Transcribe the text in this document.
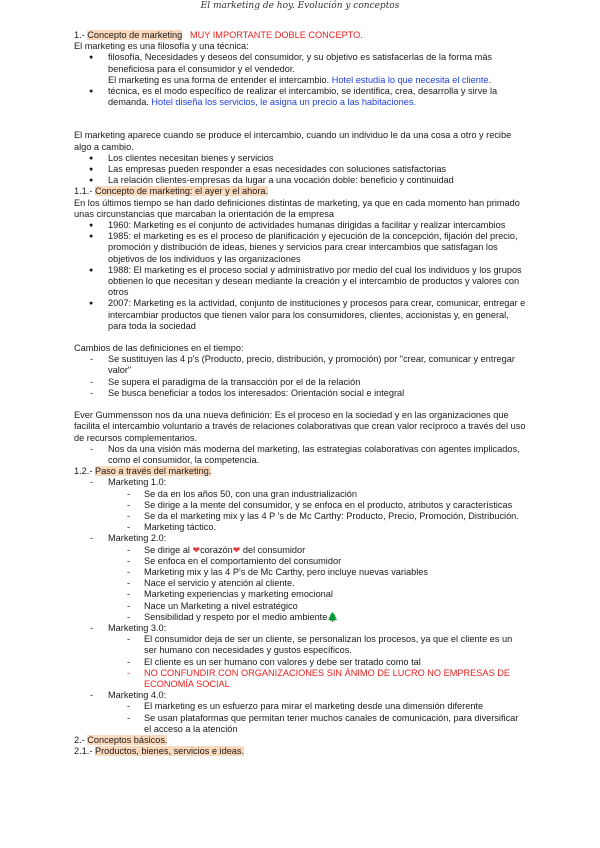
El marketing de hoy. Evolución y conceptos

1.- Concepto de marketing MUY IMPORTANTE DOBLE CONCEPTO.

El marketing es una filosofía y una técnica:

● filosofía, Necesidades y deseos del consumidor, y su objetivo es satisfacerlas de la forma más beneficiosa para el consumidor y el vendedor.
El marketing es una forma de entender el intercambio. Hotel estudia lo que necesita el cliente.
● técnica, es el modo específico de realizar el intercambio, se identifica, crea, desarrolla y sirve la demanda. Hotel diseña los servicios, le asigna un precio a las habitaciones.

El marketing aparece cuando se produce el intercambio, cuando un individuo le da una cosa a otro y recibe algo a cambio.

● Los clientes necesitan bienes y servicios
● Las empresas pueden responder a esas necesidades con soluciones satisfactorias
● La relación clientes-empresas da lugar a una vocación doble: beneficio y continuidad

1.1.- Concepto de marketing: el ayer y el ahora.

En los últimos tiempo se han dado definiciones distintas de marketing, ya que en cada momento han primado unas circunstancias que marcaban la orientación de la empresa

● 1960: Marketing es el conjunto de actividades humanas dirigidas a facilitar y realizar intercambios
● 1985: el marketing es es el proceso de planificación y ejecución de la concepción, fijación del precio, promoción y distribución de ideas, bienes y servicios para crear intercambios que satisfagan los objetivos de los individuos y las organizaciones
● 1988: El marketing es el proceso social y administrativo por medio del cual los individuos y los grupos obtienen lo que necesitan y desean mediante la creación y el intercambio de productos y valores con otros
● 2007: Marketing es la actividad, conjunto de instituciones y procesos para crear, comunicar, entregar e intercambiar productos que tienen valor para los consumidores, clientes, accionistas y, en general, para toda la sociedad

Cambios de las definiciones en el tiempo:

- Se sustituyen las 4 p's (Producto, precio, distribución, y promoción) por "crear, comunicar y entregar valor"
- Se supera el paradigma de la transacción por el de la relación
- Se busca beneficiar a todos los interesados: Orientación social e integral

Ever Gummensson nos da una nueva definición: Es el proceso en la sociedad y en las organizaciones que facilita el intercambio voluntario a través de relaciones colaborativas que crean valor recíproco a través del uso de recursos complementarios.

- Nos da una visión más moderna del marketing, las estrategias colaborativas con agentes implicados, como el consumidor, la competencia.

1.2.- Paso a través del marketing.

- Marketing 1.0:
- Se da en los años 50, con una gran industrialización
- Se dirige a la mente del consumidor, y se enfoca en el producto, atributos y características
- Se da el marketing mix y las 4 P 's de Mc Carthy: Producto, Precio, Promoción, Distribución.
- Marketing táctico.
- Marketing 2.0:
- Se dirige al ❤corazón❤ del consumidor
- Se enfoca en el comportamiento del consumidor
- Marketing mix y las 4 P's de Mc Carthy, pero incluye nuevas variables
- Nace el servicio y atención al cliente.
- Marketing experiencias y marketing emocional
- Nace un Marketing a nivel estratégico
- Sensibilidad y respeto por el medio ambiente🌲
- Marketing 3.0:
- El consumidor deja de ser un cliente, se personalizan los procesos, ya que el cliente es un ser humano con necesidades y gustos específicos.
- El cliente es un ser humano con valores y debe ser tratado como tal
- NO CONFUNDIR CON ORGANIZACIONES SIN ÁNIMO DE LUCRO NO EMPRESAS DE ECONOMÍA SOCIAL
- Marketing 4.0:
- El marketing es un esfuerzo para mirar el marketing desde una dimensión diferente
- Se usan plataformas que permitan tener muchos canales de comunicación, para diversificar el acceso a la atención

2.- Conceptos básicos.

2.1.- Productos, bienes, servicios e ideas.
